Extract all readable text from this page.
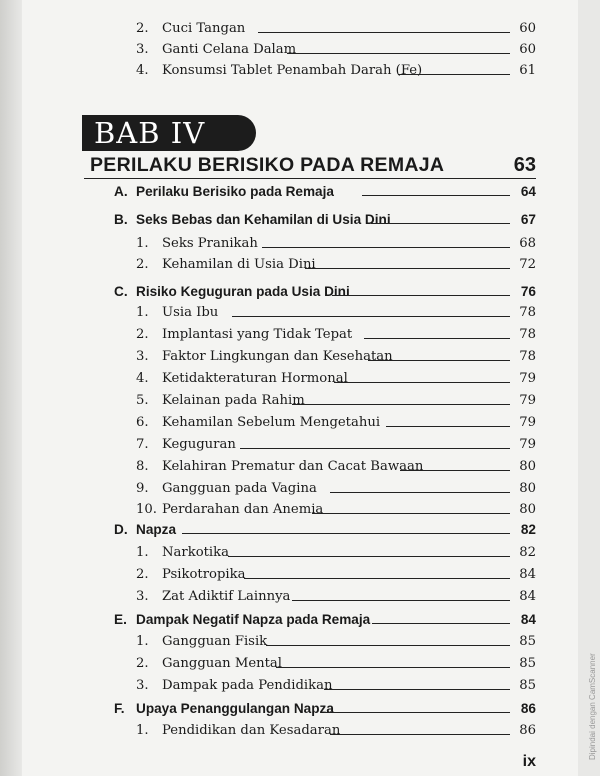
2. Cuci Tangan	60
3. Ganti Celana Dalam	60
4. Konsumsi Tablet Penambah Darah (Fe)	61
BAB IV
PERILAKU BERISIKO PADA REMAJA	63
A. Perilaku Berisiko pada Remaja	64
B. Seks Bebas dan Kehamilan di Usia Dini	67
1. Seks Pranikah	68
2. Kehamilan di Usia Dini	72
C. Risiko Keguguran pada Usia Dini	76
1. Usia Ibu	78
2. Implantasi yang Tidak Tepat	78
3. Faktor Lingkungan dan Kesehatan	78
4. Ketidakteraturan Hormonal	79
5. Kelainan pada Rahim	79
6. Kehamilan Sebelum Mengetahui	79
7. Keguguran	79
8. Kelahiran Prematur dan Cacat Bawaan	80
9. Gangguan pada Vagina	80
10. Perdarahan dan Anemia	80
D. Napza	82
1. Narkotika	82
2. Psikotropika	84
3. Zat Adiktif Lainnya	84
E. Dampak Negatif Napza pada Remaja	84
1. Gangguan Fisik	85
2. Gangguan Mental	85
3. Dampak pada Pendidikan	85
F. Upaya Penanggulangan Napza	86
1. Pendidikan dan Kesadaran	86
ix
Dipindai dengan CamScanner
